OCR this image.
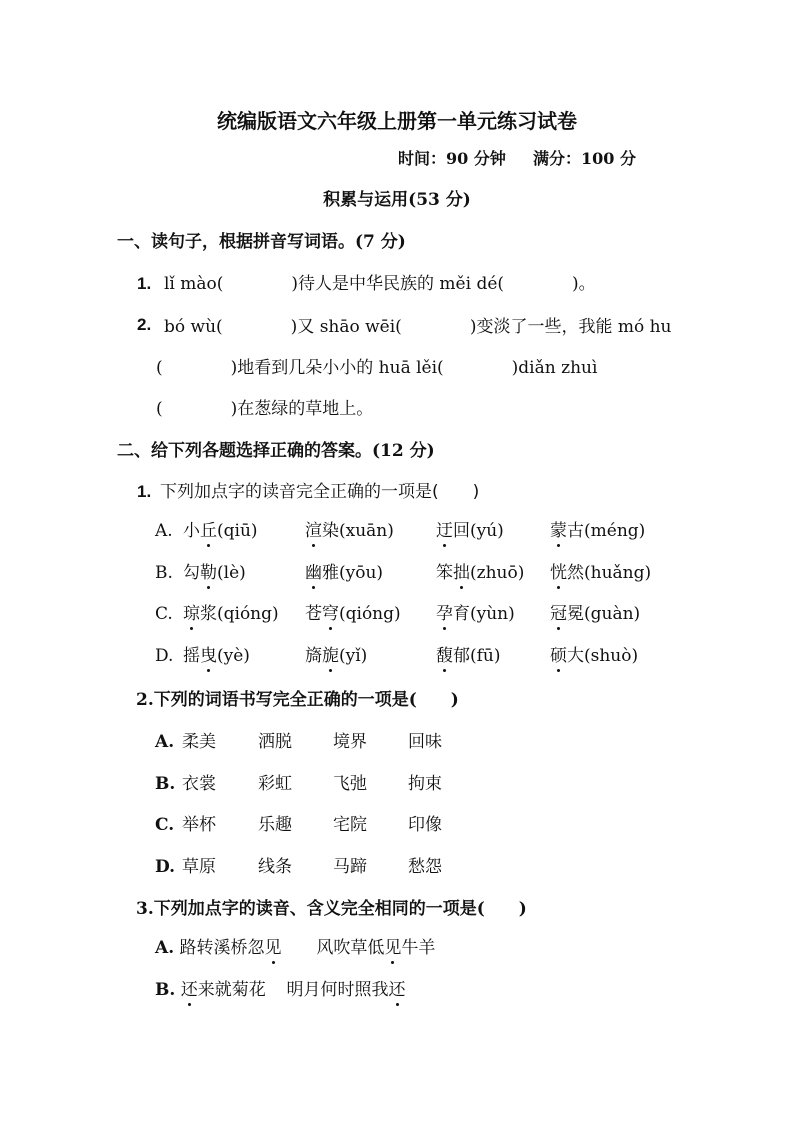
统编版语文六年级上册第一单元练习试卷
时间：90 分钟 满分：100 分
积累与运用(53 分)
一、读句子，根据拼音写词语。(7 分)
1. lǐ mào(　　　　)待人是中华民族的 měi dé(　　　　)。
2. bó wù(　　　　)又 shāo wēi(　　　　)变淡了一些，我能 mó hu
(　　　　)地看到几朵小小的 huā lěi(　　　　)diǎn zhuì
(　　　　)在葱绿的草地上。
二、给下列各题选择正确的答案。(12 分)
1. 下列加点字的读音完全正确的一项是(　　)
A. 小丘(qiū)	渲染(xuān) 迂回(yú)	蒙古(méng)
B. 勾勒(lè)	幽雅(yōu)	笨拙(zhuō) 恍然(huǎng)
C. 琼浆(qióng) 苍穹(qióng) 孕育(yùn) 冠冕(guàn)
D. 摇曳(yè)	旖旎(yǐ)	馥郁(fū)	硕大(shuò)
2.下列的词语书写完全正确的一项是(　　)
A. 柔美 洒脱 境界 回味
B. 衣裳 彩虹 飞弛 拘束
C. 举杯 乐趣 宅院 印像
D. 草原 线条 马蹄 愁怨
3.下列加点字的读音、含义完全相同的一项是(　　)
A. 路转溪桥忽见 风吹草低见牛羊
B. 还来就菊花 明月何时照我还
